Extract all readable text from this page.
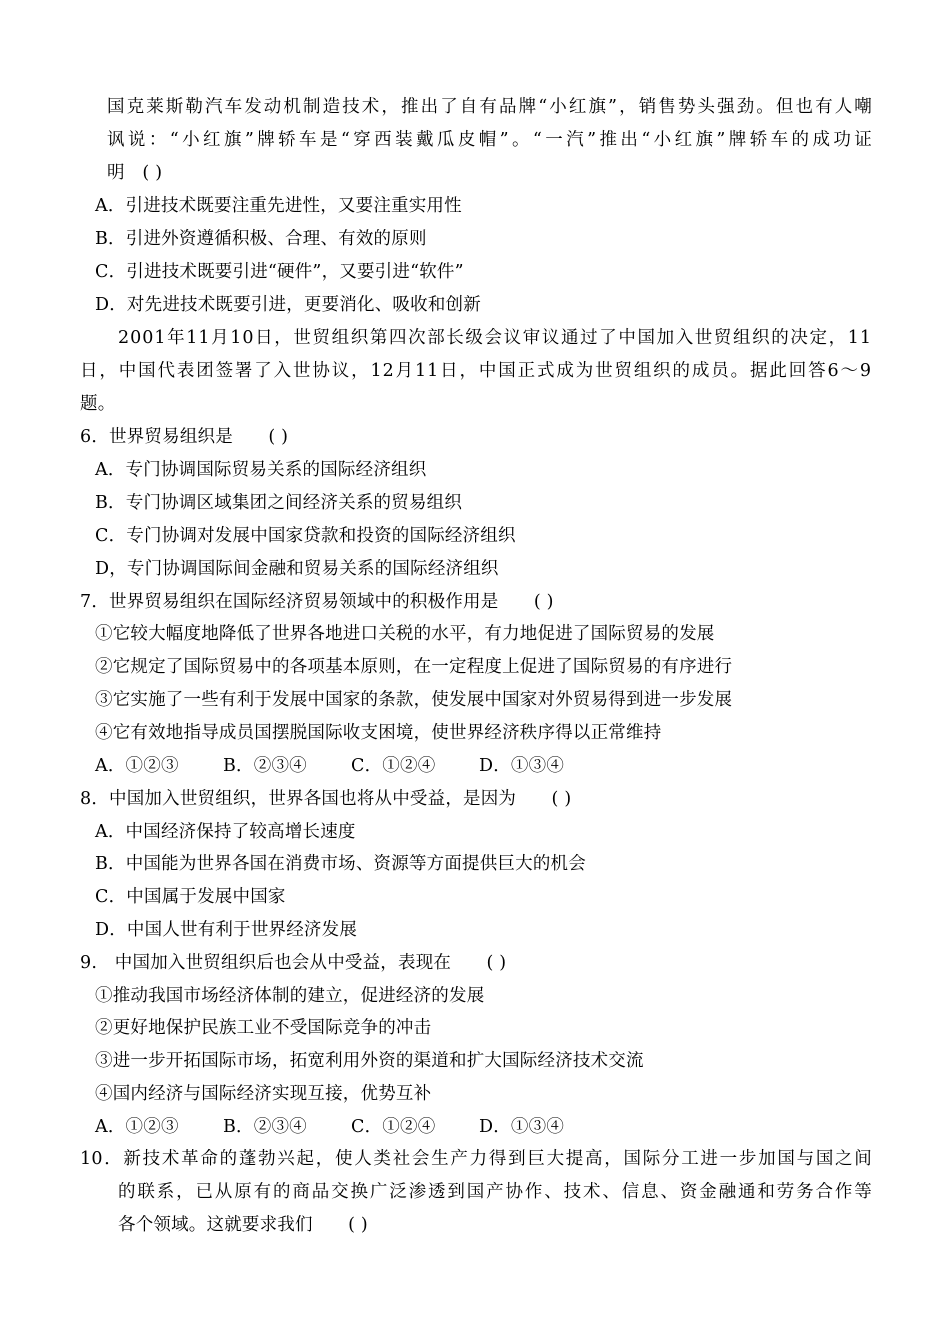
国克莱斯勒汽车发动机制造技术，推出了自有品牌“小红旗”，销售势头强劲。但也有人嘲
讽说：“小红旗”牌轿车是“穿西装戴瓜皮帽”。“一汽”推出“小红旗”牌轿车的成功证
明　( )
A．引进技术既要注重先进性，又要注重实用性
B．引进外资遵循积极、合理、有效的原则
C．引进技术既要引进“硬件”，又要引进“软件”
D．对先进技术既要引进，更要消化、吸收和创新
2001年11月10日，世贸组织第四次部长级会议审议通过了中国加入世贸组织的决定，11
日，中国代表团签署了入世协议，12月11日，中国正式成为世贸组织的成员。据此回答6～9
题。
6．世界贸易组织是　　( )
A．专门协调国际贸易关系的国际经济组织
B．专门协调区域集团之间经济关系的贸易组织
C．专门协调对发展中国家贷款和投资的国际经济组织
D，专门协调国际间金融和贸易关系的国际经济组织
7．世界贸易组织在国际经济贸易领域中的积极作用是　　( )
①它较大幅度地降低了世界各地进口关税的水平，有力地促进了国际贸易的发展
②它规定了国际贸易中的各项基本原则，在一定程度上促进了国际贸易的有序进行
③它实施了一些有利于发展中国家的条款，使发展中国家对外贸易得到进一步发展
④它有效地指导成员国摆脱国际收支困境，使世界经济秩序得以正常维持
A．①②③	B．②③④	C．①②④ D．①③④
8．中国加入世贸组织，世界各国也将从中受益，是因为　　( )
A．中国经济保持了较高增长速度
B．中国能为世界各国在消费市场、资源等方面提供巨大的机会
C．中国属于发展中国家
D．中国人世有利于世界经济发展
9.　中国加入世贸组织后也会从中受益，表现在　　( )
①推动我国市场经济体制的建立，促进经济的发展
②更好地保护民族工业不受国际竞争的冲击
③进一步开拓国际市场，拓宽利用外资的渠道和扩大国际经济技术交流
④国内经济与国际经济实现互接，优势互补
A．①②③	B．②③④	C．①②④ D．①③④
10．新技术革命的蓬勃兴起，使人类社会生产力得到巨大提高，国际分工进一步加国与国之间
的联系，已从原有的商品交换广泛渗透到国产协作、技术、信息、资金融通和劳务合作等
各个领域。这就要求我们　　( )
